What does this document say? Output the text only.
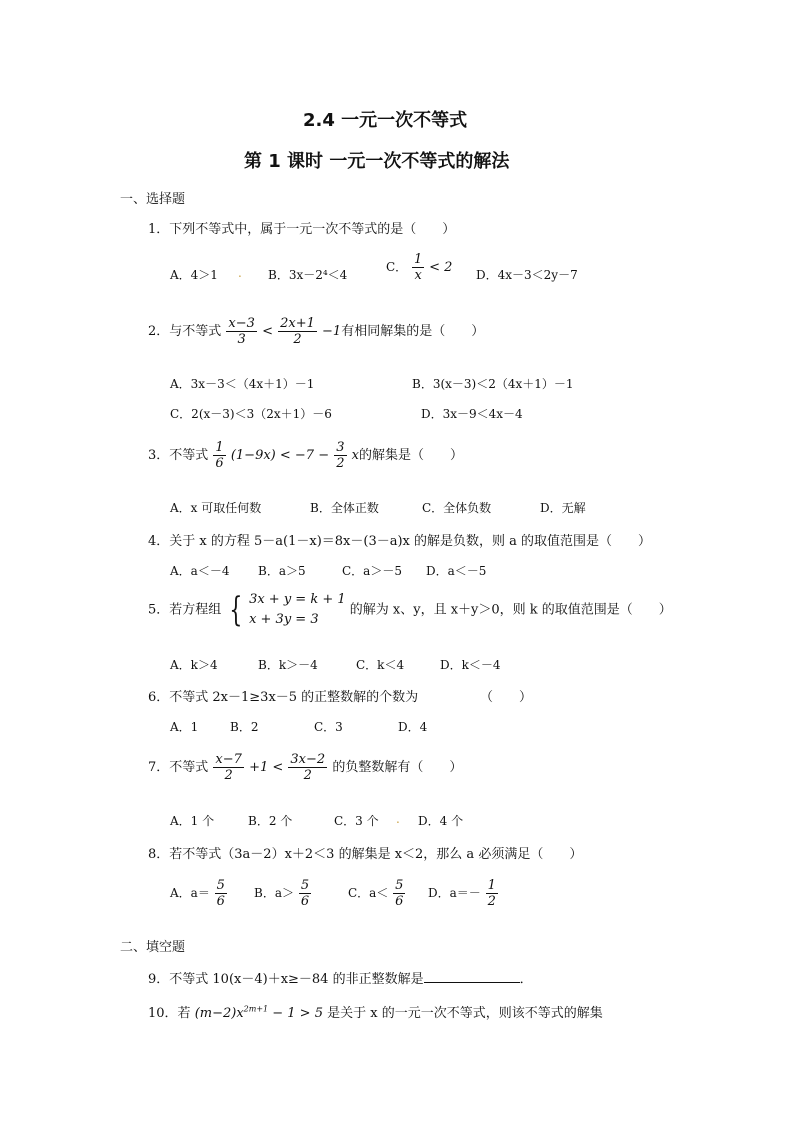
2.4 一元一次不等式
第 1 课时 一元一次不等式的解法
一、选择题
1．下列不等式中，属于一元一次不等式的是（　　）
A．4＞1 . B．3x－2⁴＜4
C． $\frac{1}{x} < 2$ D．4x－3＜2y－7
2．与不等式 $\frac{x-3}{3} < \frac{2x+1}{2} -1$有相同解集的是（　　）
A．3x－3＜（4x＋1）－1	B．3(x－3)＜2（4x＋1）－1
C．2(x－3)＜3（2x＋1）－6	D．3x－9＜4x－4
3．不等式 $\frac{1}{6} (1-9x) < -7 - \frac{3}{2}$ x的解集是（　　）
A．x 可取任何数	B．全体正数	C．全体负数	D．无解
4．关于 x 的方程 5－a(1－x)＝8x－(3－a)x 的解是负数，则 a 的取值范围是（　　）
A．a＜－4 B．a＞5	C．a＞－5 D．a＜－5
5．若方程组 { 3x + y = k + 1
x + 3y = 3
的解为 x、y，且 x＋y＞0，则 k 的取值范围是（　　）
A．k＞4	B．k＞－4	C．k＜4	D．k＜－4
6．不等式 2x－1≥3x－5 的正整数解的个数为	（　　）
A．1	B．2	C．3	D．4
7．不等式 $\frac{x-7}{2} +1 < \frac{3x-2}{2}$ 的负整数解有（　　）
A．1 个	B．2 个	C．3 个 . D．4 个
8．若不等式（3a－2）x＋2＜3 的解集是 x＜2，那么 a 必须满足（　　）
A．$a= \frac{5}{6}$ B．$a> \frac{5}{6}$	C．$a< \frac{5}{6}$ D．$a=- \frac{1}{2}$
二、填空题
9．不等式 10(x－4)＋x≥－84 的非正整数解是	．
10．若 $(m-2)x^{2m+1} - 1 > 5$ 是关于 x 的一元一次不等式，则该不等式的解集
